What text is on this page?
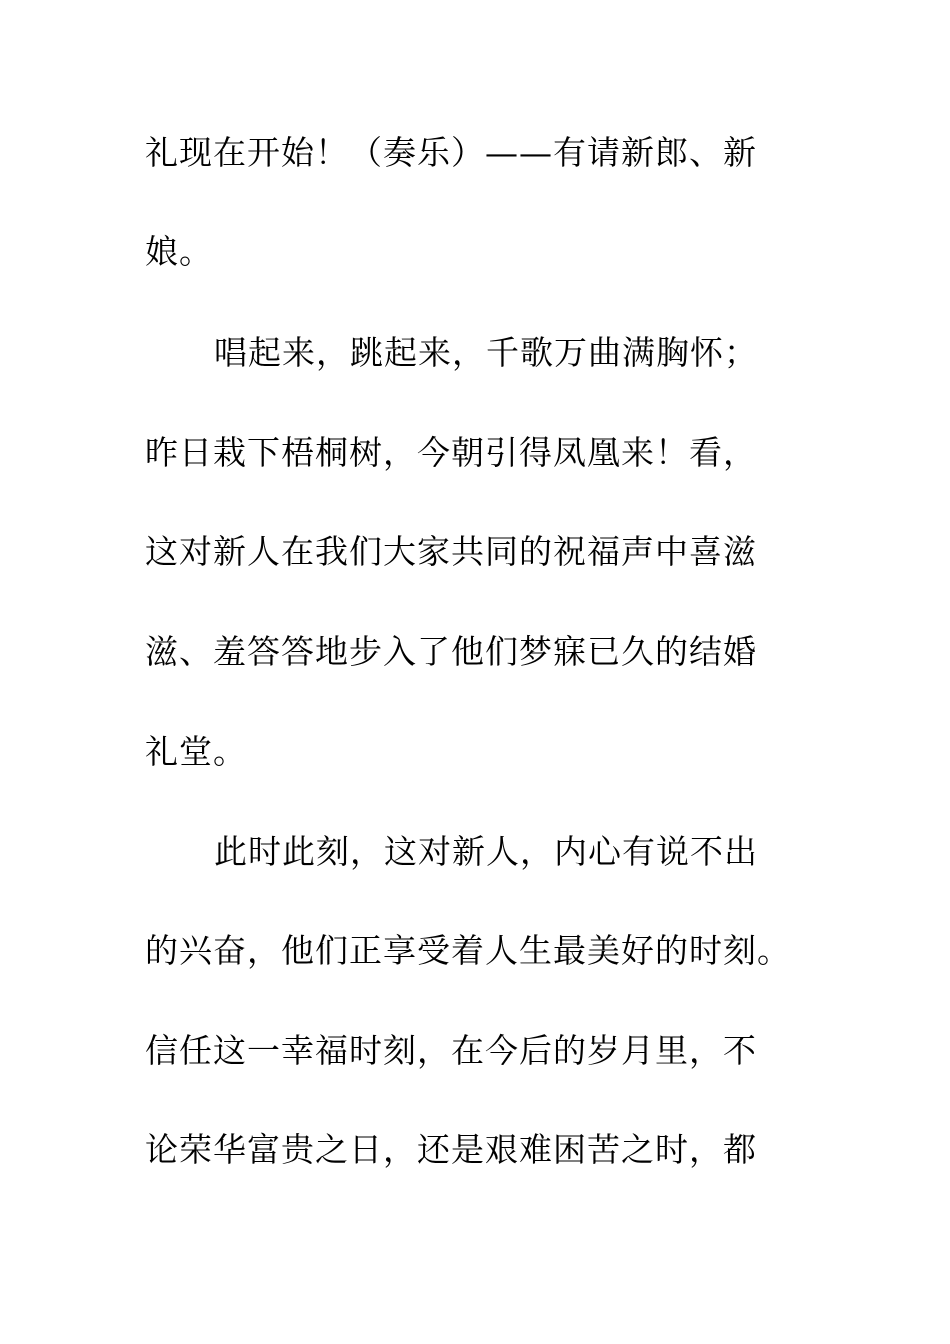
礼现在开始！（奏乐）——有请新郎、新

娘。

唱起来，跳起来，千歌万曲满胸怀；

昨日栽下梧桐树，今朝引得凤凰来！看，

这对新人在我们大家共同的祝福声中喜滋

滋、羞答答地步入了他们梦寐已久的结婚

礼堂。

此时此刻，这对新人，内心有说不出

的兴奋，他们正享受着人生最美好的时刻。

信任这一幸福时刻，在今后的岁月里，不

论荣华富贵之日，还是艰难困苦之时，都
